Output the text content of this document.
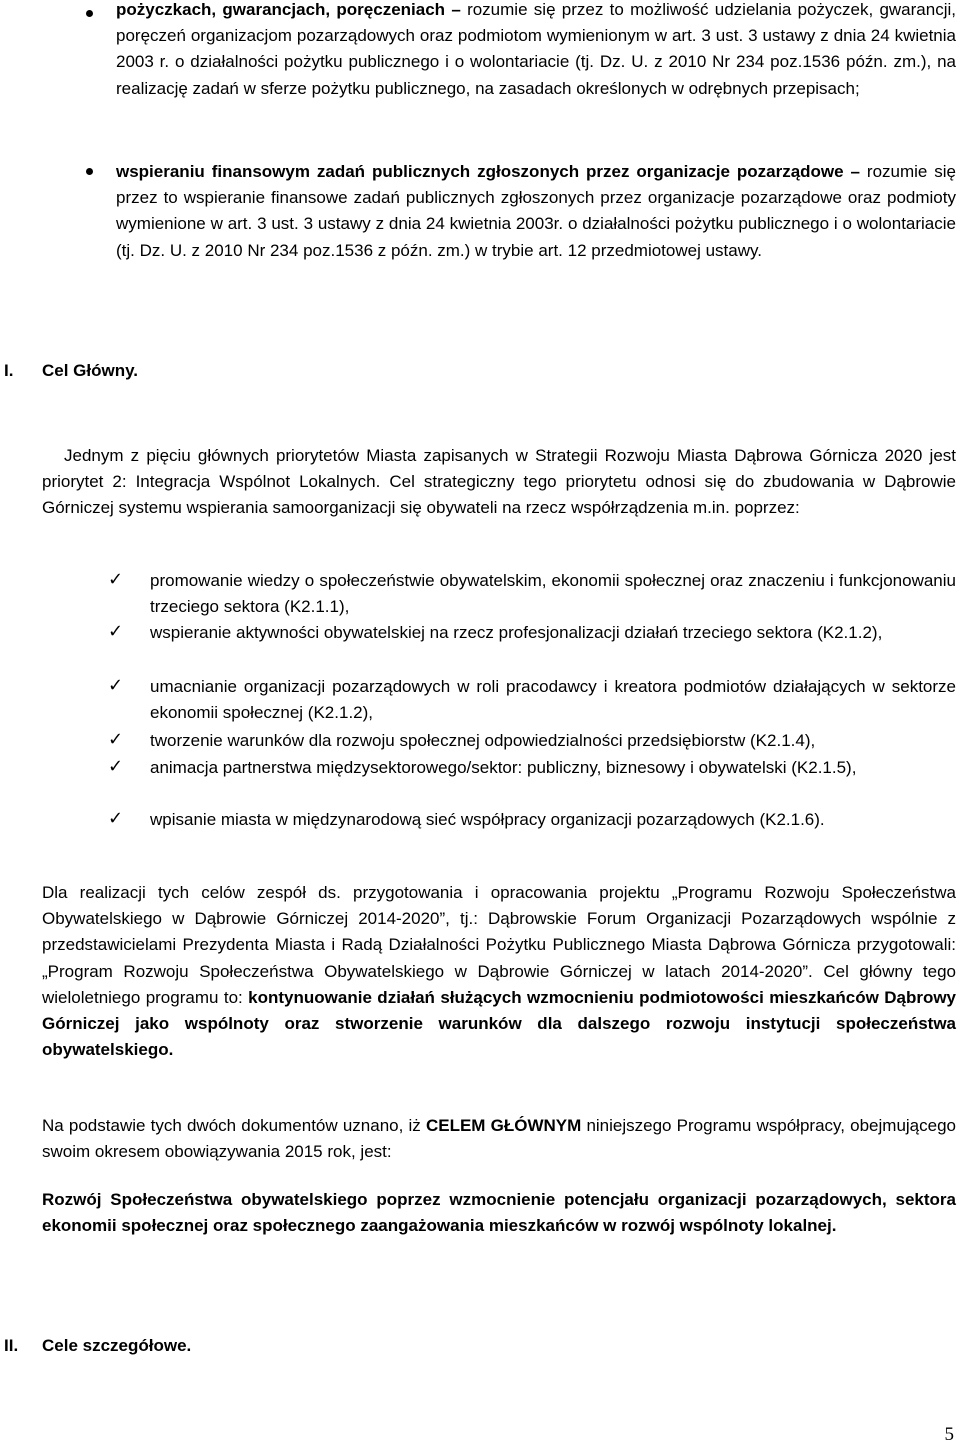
pożyczkach, gwarancjach, poręczeniach – rozumie się przez to możliwość udzielania pożyczek, gwarancji, poręczeń organizacjom pozarządowych oraz podmiotom wymienionym w art. 3 ust. 3 ustawy z dnia 24 kwietnia 2003 r. o działalności pożytku publicznego i o wolontariacie (tj. Dz. U. z 2010 Nr 234 poz.1536 późn. zm.), na realizację zadań w sferze pożytku publicznego, na zasadach określonych w odrębnych przepisach;
wspieraniu finansowym zadań publicznych zgłoszonych przez organizacje pozarządowe – rozumie się przez to wspieranie finansowe zadań publicznych zgłoszonych przez organizacje pozarządowe oraz podmioty wymienione w art. 3 ust. 3 ustawy z dnia 24 kwietnia 2003r. o działalności pożytku publicznego i o wolontariacie (tj. Dz. U. z 2010 Nr 234 poz.1536 z późn. zm.) w trybie art. 12 przedmiotowej ustawy.
I. Cel Główny.
Jednym z pięciu głównych priorytetów Miasta zapisanych w Strategii Rozwoju Miasta Dąbrowa Górnicza 2020 jest priorytet 2: Integracja Wspólnot Lokalnych. Cel strategiczny tego priorytetu odnosi się do zbudowania w Dąbrowie Górniczej systemu wspierania samoorganizacji się obywateli na rzecz współrządzenia m.in. poprzez:
✓ promowanie wiedzy o społeczeństwie obywatelskim, ekonomii społecznej oraz znaczeniu i funkcjonowaniu trzeciego sektora (K2.1.1),
✓ wspieranie aktywności obywatelskiej na rzecz profesjonalizacji działań trzeciego sektora (K2.1.2),
✓ umacnianie organizacji pozarządowych w roli pracodawcy i kreatora podmiotów działających w sektorze ekonomii społecznej (K2.1.2),
✓ tworzenie warunków dla rozwoju społecznej odpowiedzialności przedsiębiorstw (K2.1.4),
✓ animacja partnerstwa międzysektorowego/sektor: publiczny, biznesowy i obywatelski (K2.1.5),
✓ wpisanie miasta w międzynarodową sieć współpracy organizacji pozarządowych (K2.1.6).
Dla realizacji tych celów zespół ds. przygotowania i opracowania projektu „Programu Rozwoju Społeczeństwa Obywatelskiego w Dąbrowie Górniczej 2014-2020”, tj.: Dąbrowskie Forum Organizacji Pozarządowych wspólnie z przedstawicielami Prezydenta Miasta i Radą Działalności Pożytku Publicznego Miasta Dąbrowa Górnicza przygotowali: „Program Rozwoju Społeczeństwa Obywatelskiego w Dąbrowie Górniczej w latach 2014-2020”. Cel główny tego wieloletniego programu to: kontynuowanie działań służących wzmocnieniu podmiotowości mieszkańców Dąbrowy Górniczej jako wspólnoty oraz stworzenie warunków dla dalszego rozwoju instytucji społeczeństwa obywatelskiego.
Na podstawie tych dwóch dokumentów uznano, iż CELEM GŁÓWNYM niniejszego Programu współpracy, obejmującego swoim okresem obowiązywania 2015 rok, jest:
Rozwój Społeczeństwa obywatelskiego poprzez wzmocnienie potencjału organizacji pozarządowych, sektora ekonomii społecznej oraz społecznego zaangażowania mieszkańców w rozwój wspólnoty lokalnej.
II. Cele szczegółowe.
5
